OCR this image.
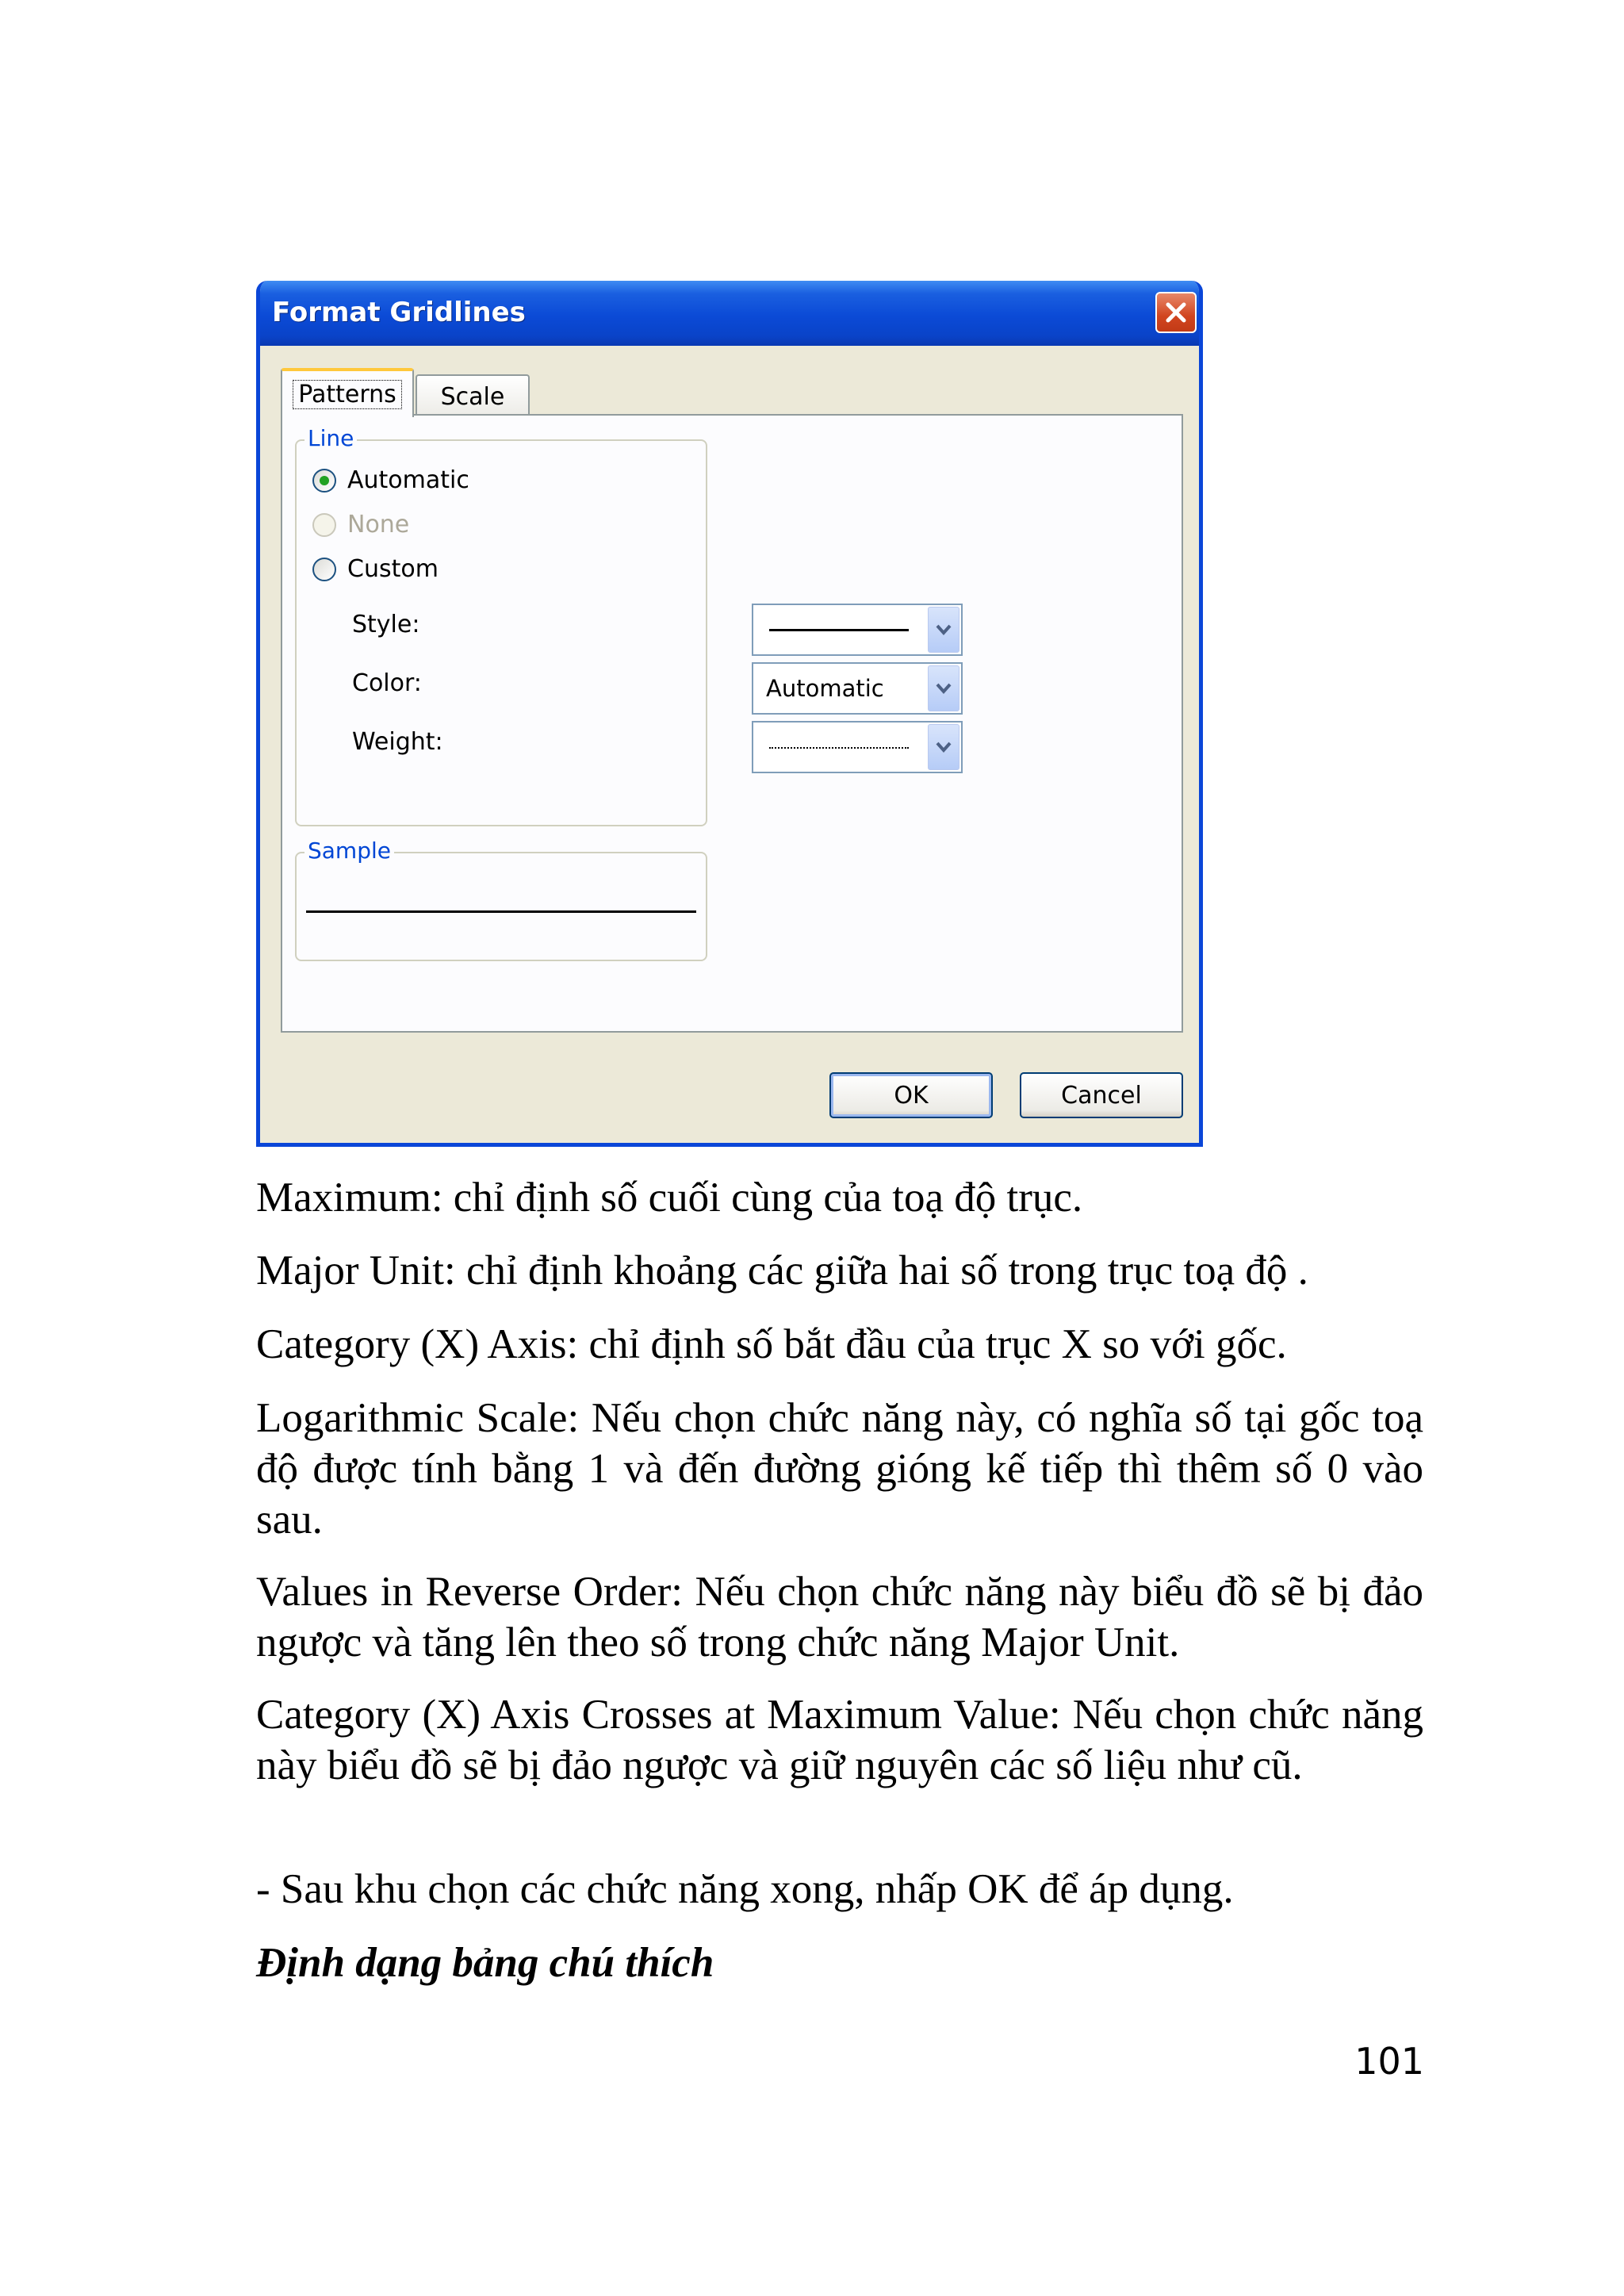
Format Gridlines
Patterns Scale
Line
Automatic
None
Custom
Style:
Color:	Automatic
Weight:
Sample
OK	Cancel

Maximum: chỉ định số cuối cùng của toạ độ trục.

Major Unit: chỉ định khoảng các giữa hai số trong trục toạ độ .

Category (X) Axis: chỉ định số bắt đầu của trục X so với gốc.

Logarithmic Scale: Nếu chọn chức năng này, có nghĩa số tại gốc toạ độ được tính bằng 1 và đến đường gióng kế tiếp thì thêm số 0 vào sau.

Values in Reverse Order: Nếu chọn chức năng này biểu đồ sẽ bị đảo ngược và tăng lên theo số trong chức năng Major Unit.

Category (X) Axis Crosses at Maximum Value: Nếu chọn chức năng này biểu đồ sẽ bị đảo ngược và giữ nguyên các số liệu như cũ.

- Sau khu chọn các chức năng xong, nhấp OK để áp dụng.

Định dạng bảng chú thích

101
